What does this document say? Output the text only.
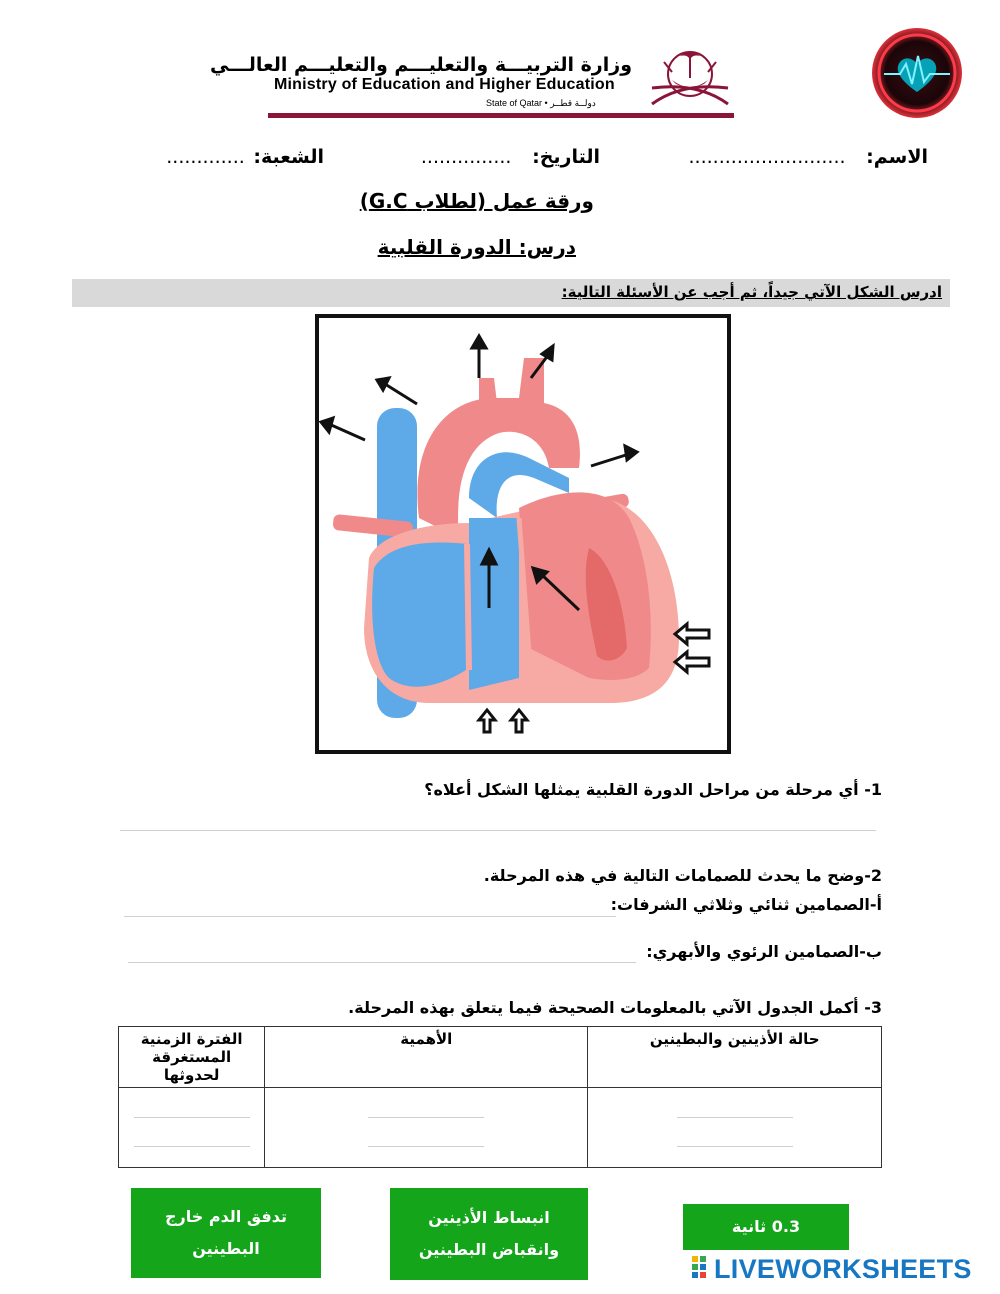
وزارة التربيـــة والتعليـــم والتعليـــم العالـــي
Ministry of Education and Higher Education
State of Qatar • دولــة قطــر
الاسم: ..........................
التاريخ: ...............
الشعبة: .............
ورقة عمل (لطلاب G.C)
درس: الدورة القلبية
ادرس الشكل الآتي جيداً، ثم أجب عن الأسئلة التالية:
1- أي مرحلة من مراحل الدورة القلبية يمثلها الشكل أعلاه؟
2-وضح ما يحدث للصمامات التالية في هذه المرحلة.
أ-الصمامين ثنائي وثلاثي الشرفات:
ب-الصمامين الرئوي والأبهري:
3- أكمل الجدول الآتي بالمعلومات الصحيحة فيما يتعلق بهذه المرحلة.
الفترة الزمنية المستغرقة لحدوثها	الأهمية	حالة الأذينين والبطينين

تدفق الدم خارج البطينين
انبساط الأذينين وانقباض البطينين
0.3 ثانية
LIVEWORKSHEETS
